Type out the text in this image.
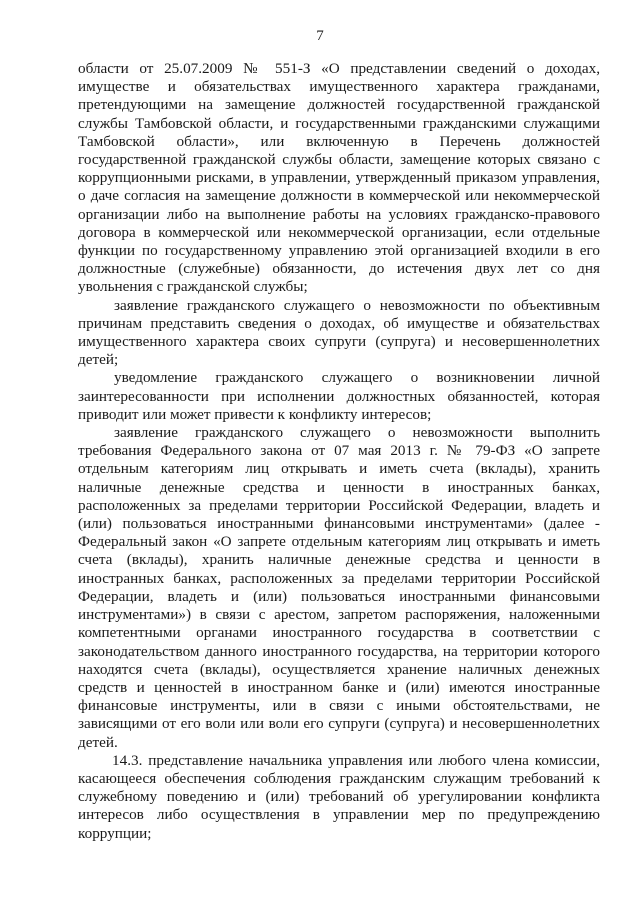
7

области от 25.07.2009 № 551-З «О представлении сведений о доходах, имуществе и обязательствах имущественного характера гражданами, претендующими на замещение должностей государственной гражданской службы Тамбовской области, и государственными гражданскими служащими Тамбовской области», или включенную в Перечень должностей государственной гражданской службы области, замещение которых связано с коррупционными рисками, в управлении, утвержденный приказом управления, о даче согласия на замещение должности в коммерческой или некоммерческой организации либо на выполнение работы на условиях гражданско-правового договора в коммерческой или некоммерческой организации, если отдельные функции по государственному управлению этой организацией входили в его должностные (служебные) обязанности, до истечения двух лет со дня увольнения с гражданской службы;

заявление гражданского служащего о невозможности по объективным причинам представить сведения о доходах, об имуществе и обязательствах имущественного характера своих супруги (супруга) и несовершеннолетних детей;

уведомление гражданского служащего о возникновении личной заинтересованности при исполнении должностных обязанностей, которая приводит или может привести к конфликту интересов;

заявление гражданского служащего о невозможности выполнить требования Федерального закона от 07 мая 2013 г. № 79-ФЗ «О запрете отдельным категориям лиц открывать и иметь счета (вклады), хранить наличные денежные средства и ценности в иностранных банках, расположенных за пределами территории Российской Федерации, владеть и (или) пользоваться иностранными финансовыми инструментами» (далее - Федеральный закон «О запрете отдельным категориям лиц открывать и иметь счета (вклады), хранить наличные денежные средства и ценности в иностранных банках, расположенных за пределами территории Российской Федерации, владеть и (или) пользоваться иностранными финансовыми инструментами») в связи с арестом, запретом распоряжения, наложенными компетентными органами иностранного государства в соответствии с законодательством данного иностранного государства, на территории которого находятся счета (вклады), осуществляется хранение наличных денежных средств и ценностей в иностранном банке и (или) имеются иностранные финансовые инструменты, или в связи с иными обстоятельствами, не зависящими от его воли или воли его супруги (супруга) и несовершеннолетних детей.

14.3. представление начальника управления или любого члена комиссии, касающееся обеспечения соблюдения гражданским служащим требований к служебному поведению и (или) требований об урегулировании конфликта интересов либо осуществления в управлении мер по предупреждению коррупции;
